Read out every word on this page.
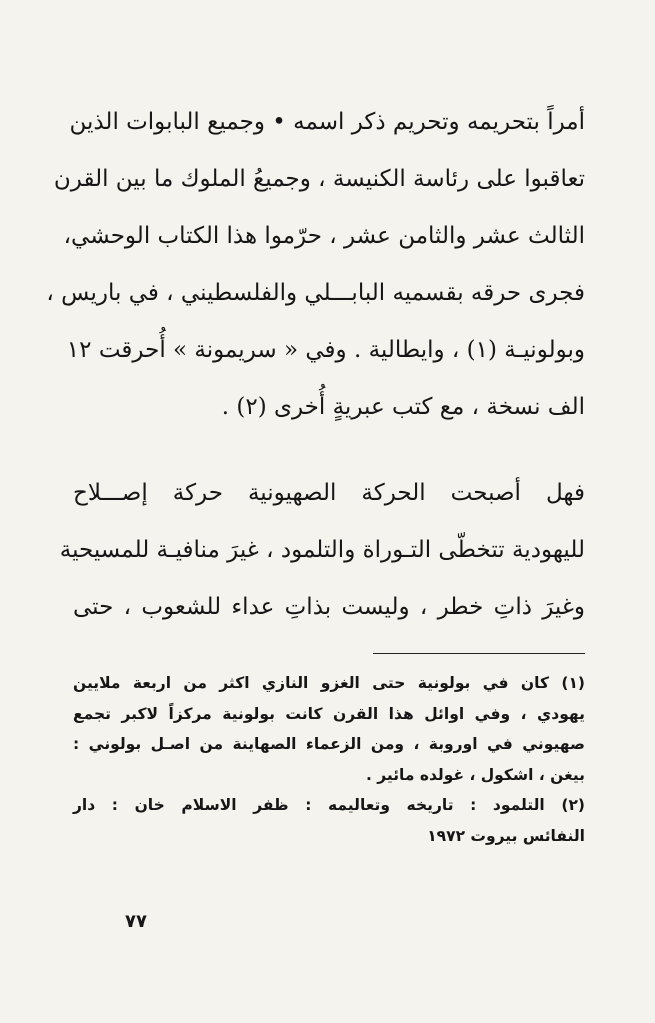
أمراً بتحريمه وتحريم ذكر اسمه • وجميع البابوات الذين
تعاقبوا على رئاسة الكنيسة ، وجميعُ الملوك ما بين القرن
الثالث عشر والثامن عشر ، حرّموا هذا الكتاب الوحشي،
فجرى حرقه بقسميه البابـــلي والفلسطيني ، في باريس ،
وبولونيـة (١) ، وايطالية . وفي « سريمونة » أُحرقت ١٢
الف نسخة ، مع كتب عبريةٍ أُخرى (٢) .
فهل أصبحت الحركة الصهيونية حركة إصـــلاح
لليهودية تتخطّى التـوراة والتلمود ، غيرَ منافيـة للمسيحية
وغيرَ ذاتِ خطر ، وليست بذاتِ عداء للشعوب ، حتى
(١) كان في بولونية حتى الغزو النازي اكثر من اربعة ملايين
يهودي ، وفي اوائل هذا القرن كانت بولونية مركزاً لاكبر تجمع
صهيوني في اوروبة ، ومن الزعماء الصهاينة من اصـل بولوني :
بيغن ، اشكول ، غولده مائير .
(٢) التلمود : تاريخه وتعاليمه : ظفر الاسلام خان : دار
النفائس بيروت ١٩٧٢
٧٧
